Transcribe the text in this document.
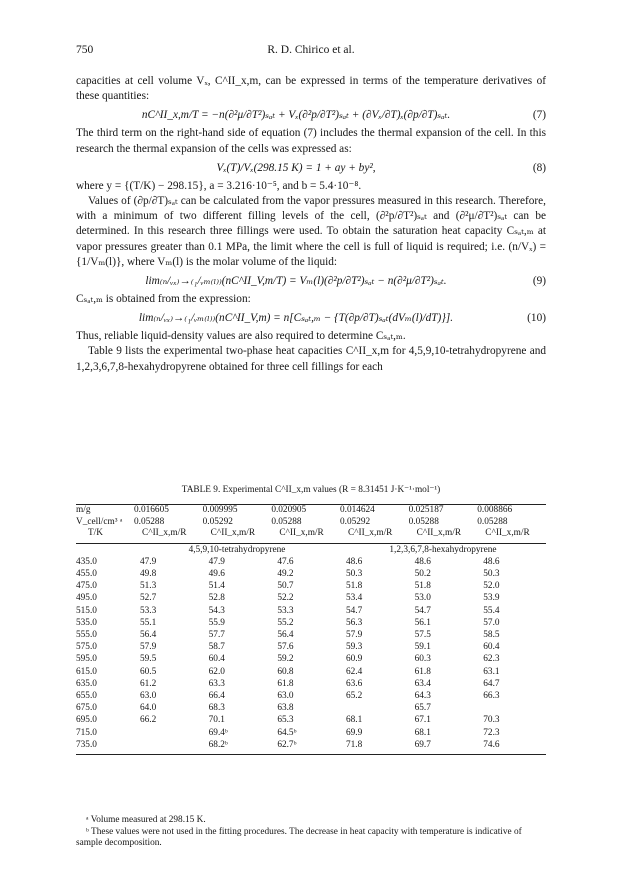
750	R. D. Chirico et al.

capacities at cell volume Vₓ, C^II_x,m, can be expressed in terms of the temperature derivatives of these quantities:

nC^II_x,m/T = −n(∂²μ/∂T²)ₛₐₜ + Vₓ(∂²p/∂T²)ₛₐₜ + (∂Vₓ/∂T)ₓ(∂p/∂T)ₛₐₜ.	(7)

The third term on the right-hand side of equation (7) includes the thermal expansion of the cell. In this research the thermal expansion of the cells was expressed as:

Vₓ(T)/Vₓ(298.15 K) = 1 + ay + by²,	(8)

where y = {(T/K) − 298.15}, a = 3.216·10⁻⁵, and b = 5.4·10⁻⁸.

Values of (∂p/∂T)ₛₐₜ can be calculated from the vapor pressures measured in this research. Therefore, with a minimum of two different filling levels of the cell, (∂²p/∂T²)ₛₐₜ and (∂²μ/∂T²)ₛₐₜ can be determined. In this research three fillings were used. To obtain the saturation heat capacity Cₛₐₜ,ₘ at vapor pressures greater than 0.1 MPa, the limit where the cell is full of liquid is required; i.e. (n/Vₓ) = {1/Vₘ(l)}, where Vₘ(l) is the molar volume of the liquid:

lim₍ₙ/ᵥₓ₎→₍₁/ᵥₘ₍ₗ₎₎(nC^II_V,m/T) = Vₘ(l)(∂²p/∂T²)ₛₐₜ − n(∂²μ/∂T²)ₛₐₜ.	(9)

Cₛₐₜ,ₘ is obtained from the expression:

lim₍ₙ/ᵥₓ₎→₍₁/ᵥₘ₍ₗ₎₎(nC^II_V,m) = n[Cₛₐₜ,ₘ − {T(∂p/∂T)ₛₐₜ(dVₘ(l)/dT)}].	(10)

Thus, reliable liquid-density values are also required to determine Cₛₐₜ,ₘ.

Table 9 lists the experimental two-phase heat capacities C^II_x,m for 4,5,9,10-tetrahydropyrene and 1,2,3,6,7,8-hexahydropyrene obtained for three cell fillings for each

TABLE 9. Experimental C^II_x,m values (R = 8.31451 J·K⁻¹·mol⁻¹)
m/g	0.016605	0.009995	0.020905	0.014624	0.025187	0.008866
V_cell/cm³ ᵃ	0.05288	0.05292	0.05288	0.05292	0.05288	0.05288
T/K	C^II_x,m/R	C^II_x,m/R	C^II_x,m/R	C^II_x,m/R	C^II_x,m/R	C^II_x,m/R
	4,5,9,10-tetrahydropyrene			1,2,3,6,7,8-hexahydropyrene		
435.0	47.9	47.9	47.6	48.6	48.6	48.6
455.0	49.8	49.6	49.2	50.3	50.2	50.3
475.0	51.3	51.4	50.7	51.8	51.8	52.0
495.0	52.7	52.8	52.2	53.4	53.0	53.9
515.0	53.3	54.3	53.3	54.7	54.7	55.4
535.0	55.1	55.9	55.2	56.3	56.1	57.0
555.0	56.4	57.7	56.4	57.9	57.5	58.5
575.0	57.9	58.7	57.6	59.3	59.1	60.4
595.0	59.5	60.4	59.2	60.9	60.3	62.3
615.0	60.5	62.0	60.8	62.4	61.8	63.1
635.0	61.2	63.3	61.8	63.6	63.4	64.7
655.0	63.0	66.4	63.0	65.2	64.3	66.3
675.0	64.0	68.3	63.8		65.7	
695.0	66.2	70.1	65.3	68.1	67.1	70.3
715.0		69.4ᵇ	64.5ᵇ	69.9	68.1	72.3
735.0		68.2ᵇ	62.7ᵇ	71.8	69.7	74.6

ᵃ Volume measured at 298.15 K.

ᵇ These values were not used in the fitting procedures. The decrease in heat capacity with temperature is indicative of sample decomposition.
